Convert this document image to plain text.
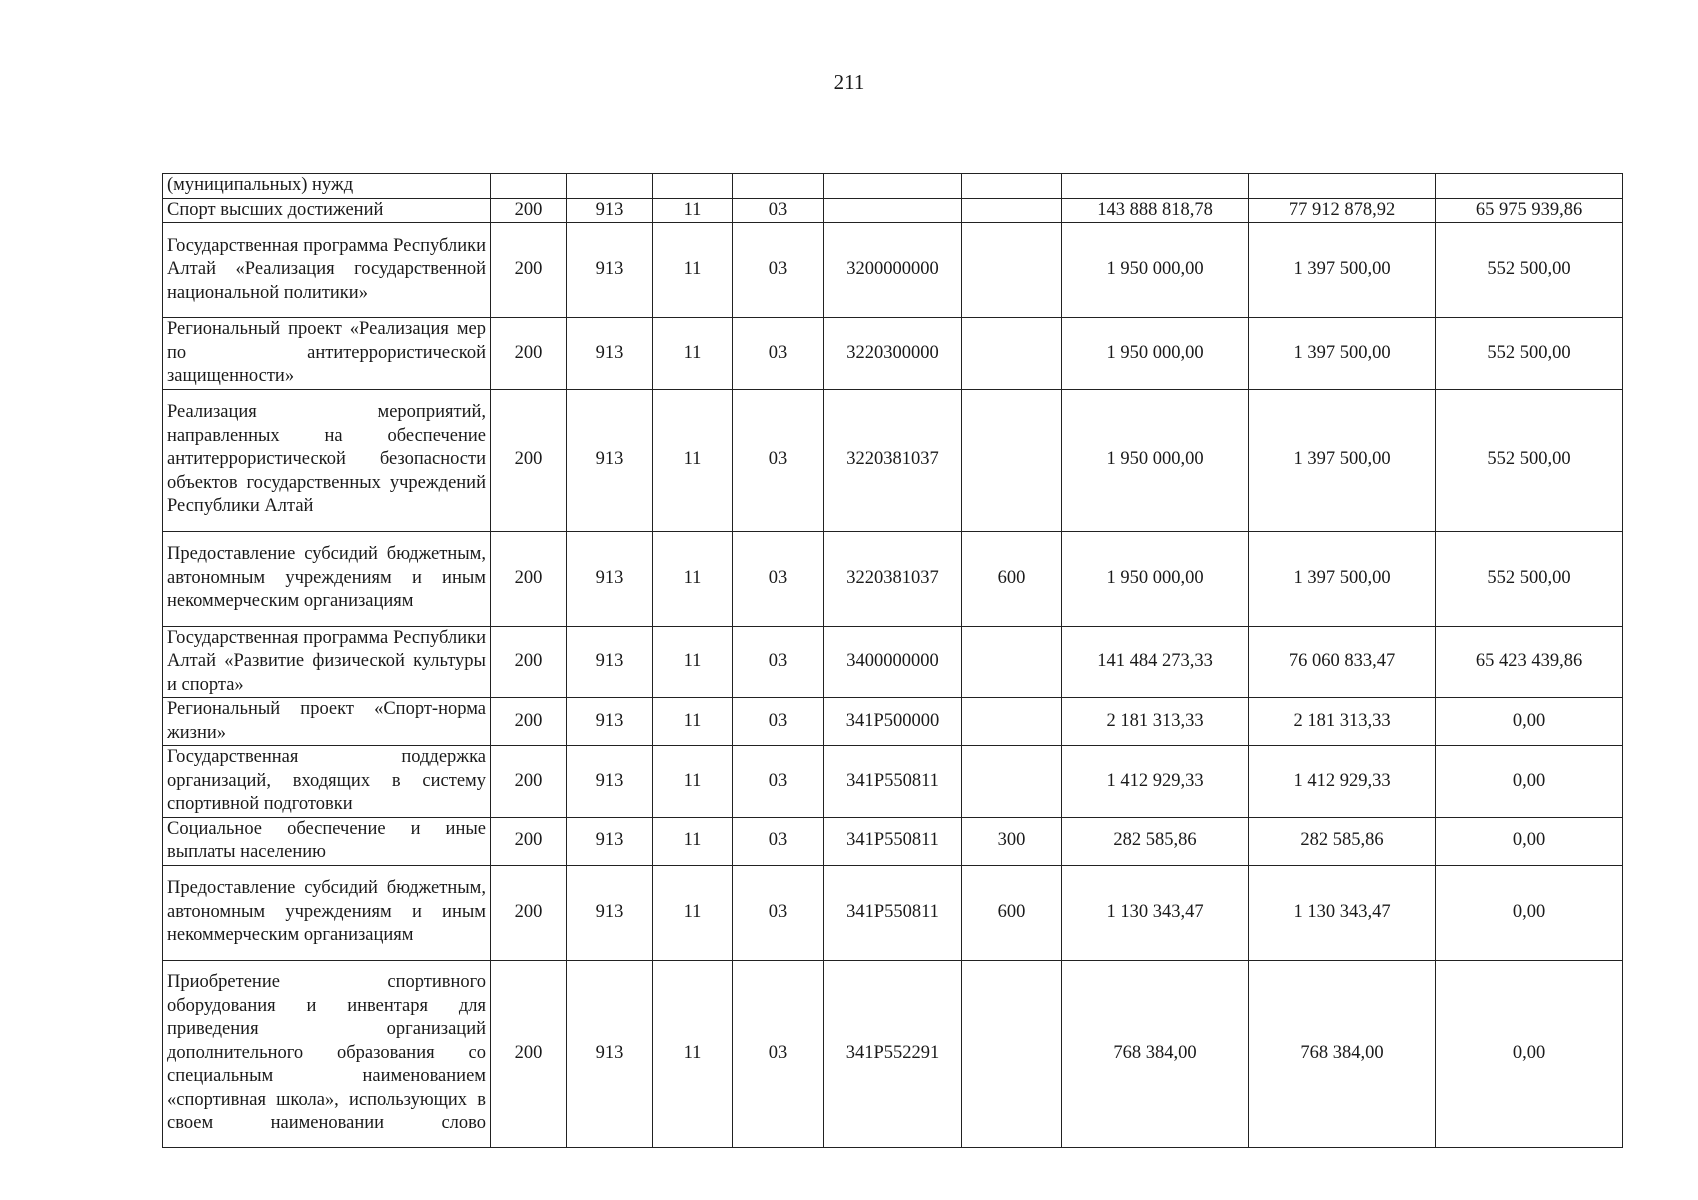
211
(муниципальных) нужд									
Спорт высших достижений	200	913	11	03			143 888 818,78	77 912 878,92	65 975 939,86
Государственная программа Республики Алтай «Реализация государственной национальной политики»	200	913	11	03	3200000000		1 950 000,00	1 397 500,00	552 500,00
Региональный проект «Реализация мер по антитеррористической защищенности»	200	913	11	03	3220300000		1 950 000,00	1 397 500,00	552 500,00
Реализация мероприятий, направленных на обеспечение антитеррористической безопасности объектов государственных учреждений Республики Алтай	200	913	11	03	3220381037		1 950 000,00	1 397 500,00	552 500,00
Предоставление субсидий бюджетным, автономным учреждениям и иным некоммерческим организациям	200	913	11	03	3220381037	600	1 950 000,00	1 397 500,00	552 500,00
Государственная программа Республики Алтай «Развитие физической культуры и спорта»	200	913	11	03	3400000000		141 484 273,33	76 060 833,47	65 423 439,86
Региональный проект «Спорт-норма жизни»	200	913	11	03	341P500000		2 181 313,33	2 181 313,33	0,00
Государственная поддержка организаций, входящих в систему спортивной подготовки	200	913	11	03	341P550811		1 412 929,33	1 412 929,33	0,00
Социальное обеспечение и иные выплаты населению	200	913	11	03	341P550811	300	282 585,86	282 585,86	0,00
Предоставление субсидий бюджетным, автономным учреждениям и иным некоммерческим организациям	200	913	11	03	341P550811	600	1 130 343,47	1 130 343,47	0,00
Приобретение спортивного оборудования и инвентаря для приведения организаций дополнительного образования со специальным наименованием «спортивная школа», использующих в своем наименовании слово	200	913	11	03	341P552291		768 384,00	768 384,00	0,00
